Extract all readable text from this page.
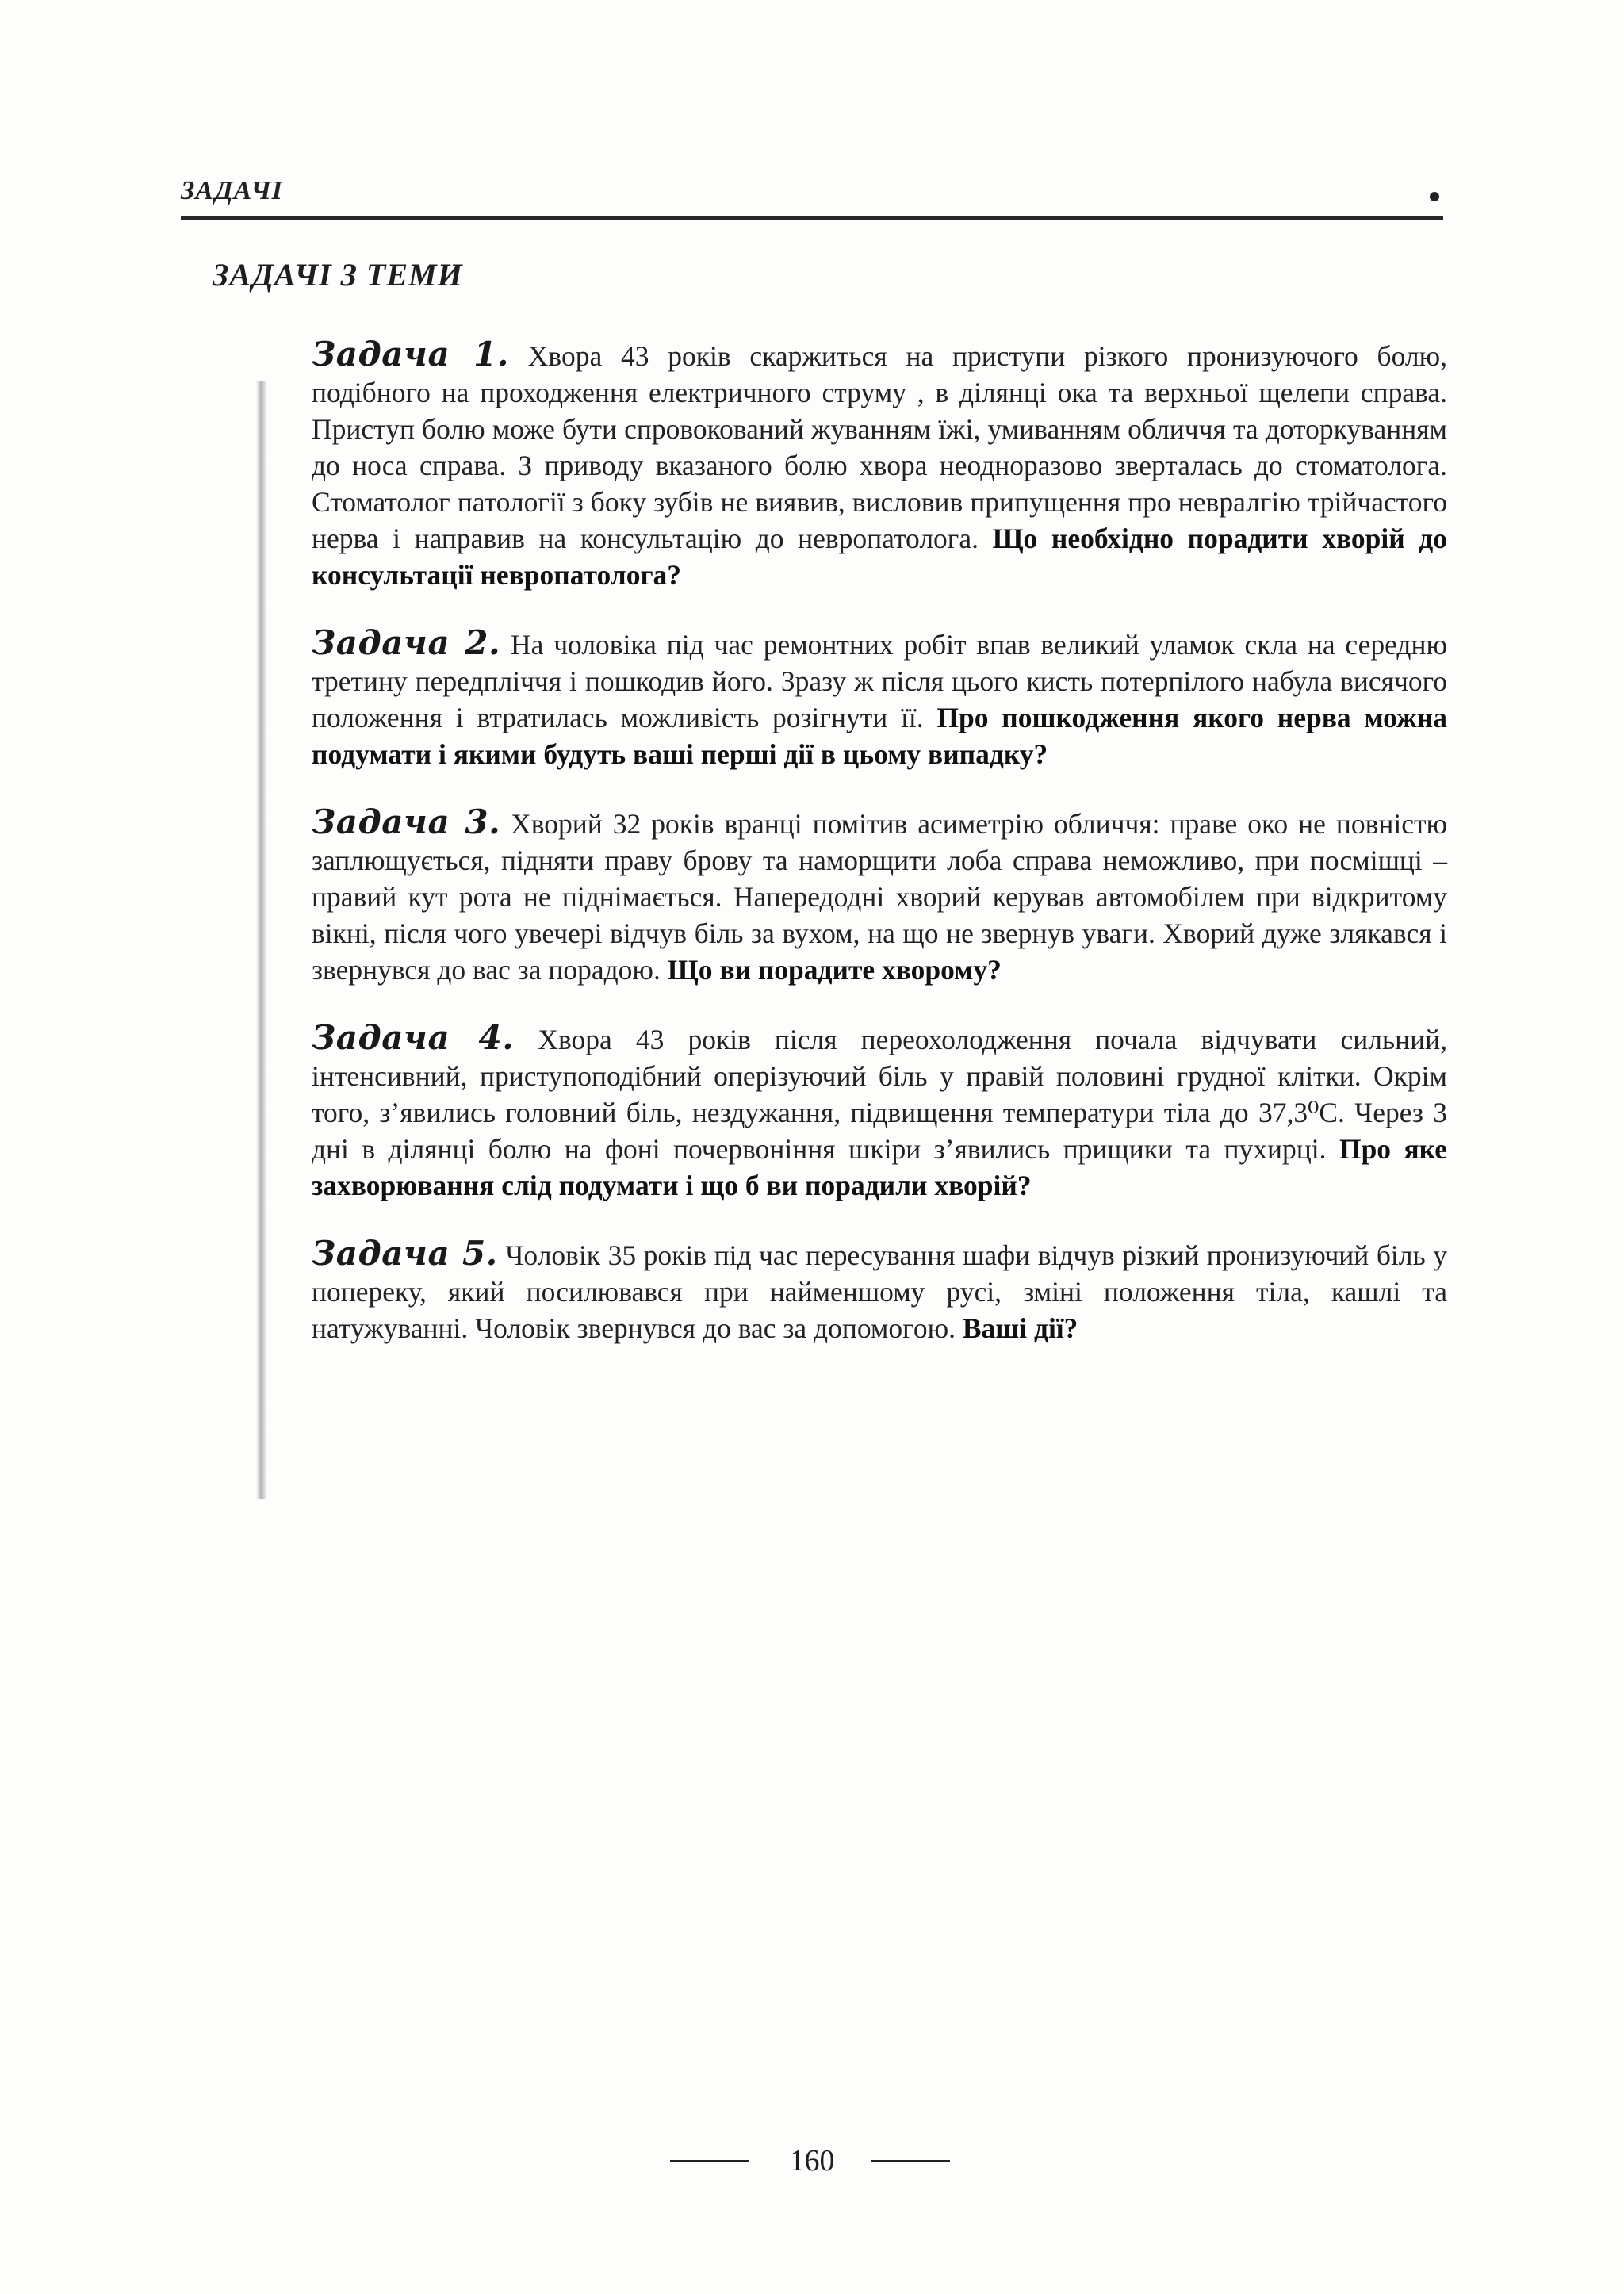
ЗАДАЧІ
ЗАДАЧІ З ТЕМИ

Задача 1. Хвора 43 років скаржиться на приступи різкого пронизуючого болю, подібного на проходження електричного струму , в ділянці ока та верхньої щелепи справа. Приступ болю може бути спровокований жуванням їжі, умиванням обличчя та доторкуванням до носа справа. З приводу вказаного болю хвора неодноразово зверталась до стоматолога. Стоматолог патології з боку зубів не виявив, висловив припущення про невралгію трійчастого нерва і направив на консультацію до невропатолога. Що необхідно порадити хворій до консультації невропатолога?

Задача 2. На чоловіка під час ремонтних робіт впав великий уламок скла на середню третину передпліччя і пошкодив його. Зразу ж після цього кисть потерпілого набула висячого положення і втратилась можливість розігнути її. Про пошкодження якого нерва можна подумати і якими будуть ваші перші дії в цьому випадку?

Задача 3. Хворий 32 років вранці помітив асиметрію обличчя: праве око не повністю заплющується, підняти праву брову та наморщити лоба справа неможливо, при посмішці – правий кут рота не піднімається. Напередодні хворий керував автомобілем при відкритому вікні, після чого увечері відчув біль за вухом, на що не звернув уваги. Хворий дуже злякався і звернувся до вас за порадою. Що ви порадите хворому?

Задача 4. Хвора 43 років після переохолодження почала відчувати сильний, інтенсивний, приступоподібний оперізуючий біль у правій половині грудної клітки. Окрім того, з’явились головний біль, нездужання, підвищення температури тіла до 37,3⁰С. Через 3 дні в ділянці болю на фоні почервоніння шкіри з’явились прищики та пухирці. Про яке захворювання слід подумати і що б ви порадили хворій?

Задача 5. Чоловік 35 років під час пересування шафи відчув різкий пронизуючий біль у попереку, який посилювався при найменшому русі, зміні положення тіла, кашлі та натужуванні. Чоловік звернувся до вас за допомогою. Ваші дії?

160
